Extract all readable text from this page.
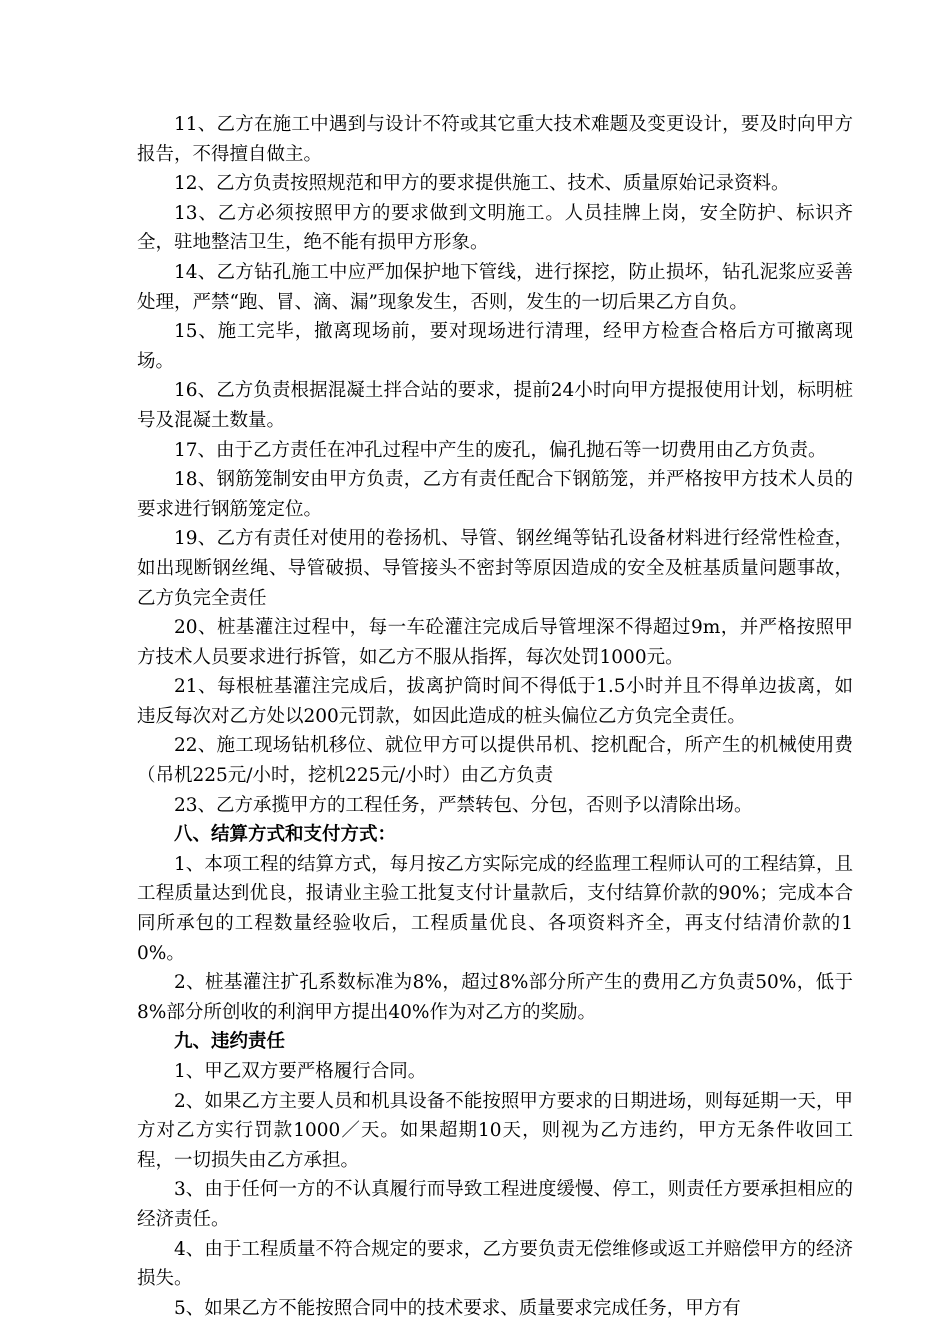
11、乙方在施工中遇到与设计不符或其它重大技术难题及变更设计，要及时向甲方报告，不得擅自做主。

12、乙方负责按照规范和甲方的要求提供施工、技术、质量原始记录资料。

13、乙方必须按照甲方的要求做到文明施工。人员挂牌上岗，安全防护、标识齐全，驻地整洁卫生，绝不能有损甲方形象。

14、乙方钻孔施工中应严加保护地下管线，进行探挖，防止损坏，钻孔泥浆应妥善处理，严禁“跑、冒、滴、漏”现象发生，否则，发生的一切后果乙方自负。

15、施工完毕，撤离现场前，要对现场进行清理，经甲方检查合格后方可撤离现场。

16、乙方负责根据混凝土拌合站的要求，提前24小时向甲方提报使用计划，标明桩号及混凝土数量。

17、由于乙方责任在冲孔过程中产生的废孔，偏孔抛石等一切费用由乙方负责。

18、钢筋笼制安由甲方负责，乙方有责任配合下钢筋笼，并严格按甲方技术人员的要求进行钢筋笼定位。

19、乙方有责任对使用的卷扬机、导管、钢丝绳等钻孔设备材料进行经常性检查，如出现断钢丝绳、导管破损、导管接头不密封等原因造成的安全及桩基质量问题事故，乙方负完全责任

20、桩基灌注过程中，每一车砼灌注完成后导管埋深不得超过9m，并严格按照甲方技术人员要求进行拆管，如乙方不服从指挥，每次处罚1000元。

21、每根桩基灌注完成后，拔离护筒时间不得低于1.5小时并且不得单边拔离，如违反每次对乙方处以200元罚款，如因此造成的桩头偏位乙方负完全责任。

22、施工现场钻机移位、就位甲方可以提供吊机、挖机配合，所产生的机械使用费（吊机225元/小时，挖机225元/小时）由乙方负责

23、乙方承揽甲方的工程任务，严禁转包、分包，否则予以清除出场。

八、结算方式和支付方式：

1、本项工程的结算方式，每月按乙方实际完成的经监理工程师认可的工程结算，且工程质量达到优良，报请业主验工批复支付计量款后，支付结算价款的90%；完成本合同所承包的工程数量经验收后，工程质量优良、各项资料齐全，再支付结清价款的10%。

2、桩基灌注扩孔系数标准为8%，超过8%部分所产生的费用乙方负责50%，低于8%部分所创收的利润甲方提出40%作为对乙方的奖励。

九、违约责任

1、甲乙双方要严格履行合同。

2、如果乙方主要人员和机具设备不能按照甲方要求的日期进场，则每延期一天，甲方对乙方实行罚款1000／天。如果超期10天，则视为乙方违约，甲方无条件收回工程，一切损失由乙方承担。

3、由于任何一方的不认真履行而导致工程进度缓慢、停工，则责任方要承担相应的经济责任。

4、由于工程质量不符合规定的要求，乙方要负责无偿维修或返工并赔偿甲方的经济损失。

5、如果乙方不能按照合同中的技术要求、质量要求完成任务，甲方有
